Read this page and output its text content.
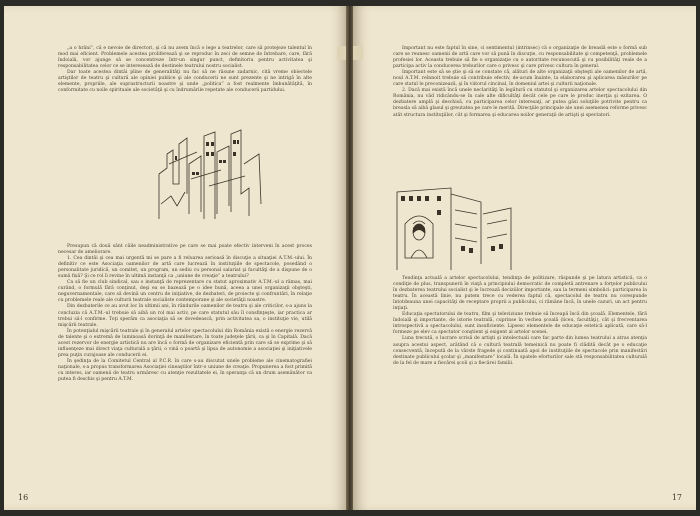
„a o hrăni”, că e nevoie de directori, şi că nu avem încă o lege a teatrelor, care să protejeze talentul în mod mai eficient. Problemele acestea proliferează şi se reproduc în zeci de semne de întrebare, care, fără îndoială, vor ajunge să se concentreze într-un singur punct, definitoriu pentru activitatea şi responsabilitatea celor ce se interesează de destinele teatrului nostru socialist.

Dar toate acestea dintâi pline de generalităţi nu fac să ne răsune zadarnic, cită vreme obiectele artiştilor de teatru şi cultură ale opiniei publice şi ale conducerii ne sunt prezente şi ne intrigă în alte elemente, propriile, ale suprastructurii noastre şi unde „politica” a fost realmente îmbunătăţită, în conformitate cu noile spirituale ale societăţii şi cu îndrumările repetate ale conducerii partidului.

Presupun că două sânt căile neadministrative pe care se mai poate efectiv interveni în acest proces necesar de ameliorare.

1. Cea dintâi şi cea mai urgentă mi se pare a fi reluarea serioasă în discuţie a situaţiei A.T.M.-ului. În definitiv ce este Asociaţia oamenilor de artă care lucrează în instituţiile de spectacole, posedând o personalitate juridică, un comitet, un program, un sediu cu personal salariat şi facultăţi de a dispune de o sumă fixă? Şi ce rol îi revine în ultimă instanţă ca „uniune de creaţie” a teatrului?

Ca să fie un club sindical, sau o instanţă de reprezentare cu statut aproximativ A.T.M.-ul a rămas, mai curând, o formulă fără conţinut, deşi ea se bazează pe o idee bună, aceea a unei organizaţii obşteşti, neguvernamentale, care să devină un centru de iniţiative, de dezbateri, de proiecte şi confruntări, în relaţie cu problemele reale ale culturii teatrale socialiste contemporane şi ale societăţii noastre.

Din dezbaterile ce au avut loc în ultimii ani, în rândurile oamenilor de teatru şi ale criticilor, s-a ajuns la concluzia că A.T.M.-ul trebuie să aibă un rol mai activ, pe care statutul său îl consfinţeşte, iar practica ar trebui să-l confirme. Toţi sperăm ca asociaţia să se dovedească, prin activitatea sa, o instituţie vie, utilă mişcării teatrale.

În potenţialul mişcării teatrale şi în generalul artelor spectacolului din România există o energie rezervă de talente şi o extremă de luminoasă dorinţă de manifestare, în toate judeţele ţării, ca şi în Capitală. Dacă acest rezervor de energie artistică nu are încă o formă de organizare eficientă prin care să se exprime şi să influenţeze mai direct viaţa culturală a ţării, o vină o poartă şi lipsa de autonomie a asociaţiei şi iniţiativele prea puţin curajoase ale conducerii ei.

În şedinţa de la Comitetul Central al P.C.R. în care s-au discutat unele probleme ale cinematografiei naţionale, s-a propus transformarea Asociaţiei cineaştilor într-o uniune de creaţie. Propunerea a fost primită cu interes, iar oamenii de teatru urmăresc cu atenţie rezultatele ei, în speranţa că un drum asemănător va putea fi deschis şi pentru A.T.M.

16

Important nu este faptul în sine, ci sentimentul (intrinsec) că o organizaţie de breaslă este o formă sub care se reunesc oamenii de artă care vor să pună în discuţie, cu responsabilitate şi competenţă, problemele profesiei lor. Aceasta trebuie să fie o organizaţie cu o autoritate recunoscută şi cu posibilităţi reale de a participa activ la conducerea treburilor care o privesc şi care privesc cultura în general.

Important este să se ştie şi să se constate că, alături de alte organizaţii obşteşti ale oamenilor de artă, noul A.T.M. reînnoit trebuie să contribuie efectiv, de-acum înainte, la elaborarea şi aplicarea măsurilor pe care statul le preconizează, şi în viitorul cincinal, în domeniul artei şi culturii naţionale.

2. Dacă mai există încă unele neclarităţi în legătură cu statutul şi organizarea artelor spectacolului din România, nu văd ridicându-se în cale alte dificultăţi decât cele pe care le produc inerţia şi ezitarea. O dezbatere amplă şi deschisă, cu participarea celor interesaţi, ar putea găsi soluţiile potrivite pentru ca breasla să aibă glasul şi greutatea pe care le merită. Direcţiile principale ale unei asemenea reforme privesc atât structura instituţiilor, cât şi formarea şi educarea noilor generaţii de artişti şi spectatori.

Tendinţa actuală a artelor spectacolului, tendinţa de politizare, răspunde şi pe latura artistică, ca o condiţie de plus, transpunerii în viaţă a principiului democratic de completă antrenare a forţelor publicului în dezbaterea teatrului socialist şi le lucrează deciziilor importante, sau la termeni simbolici: participarea la teatru. În această linie, nu putem trece cu vederea faptul că, spectacolul de teatru nu corespunde întotdeauna unei capacităţi de receptare proprii a publicului, ci rămâne încă, în unele cazuri, un act pentru inţiaţi.

Educaţia spectatorului de teatru, film şi televiziune trebuie să înceapă încă din şcoală. Elementele, fără îndoială şi importante, de istorie teatrală, cuprinse în vechea şcoală (liceu, facultăţi), cât şi frecventarea introspectivă a spectacolului, sunt insuficiente. Lipsesc elementele de educaţie estetică aplicată, care să-l formeze pe elev ca spectator conştient şi exigent al artelor scenei.

Luna trecută, o lucrare scrisă de artişti şi intelectuali care fac parte din lumea teatrului a atras atenţia asupra acestui aspect, arătând că o cultură teatrală temeinică nu poate fi clădită decât pe o educaţie consecventă, începută de la vârste fragede şi continuată apoi de instituţiile de spectacole prin manifestări destinate publicului şcolar şi „manifestare” locală. În spatele eforturilor sale stă responsabilitatea culturală de la fel de mare a fiecărei şcoli şi a fiecărei familii.

17
